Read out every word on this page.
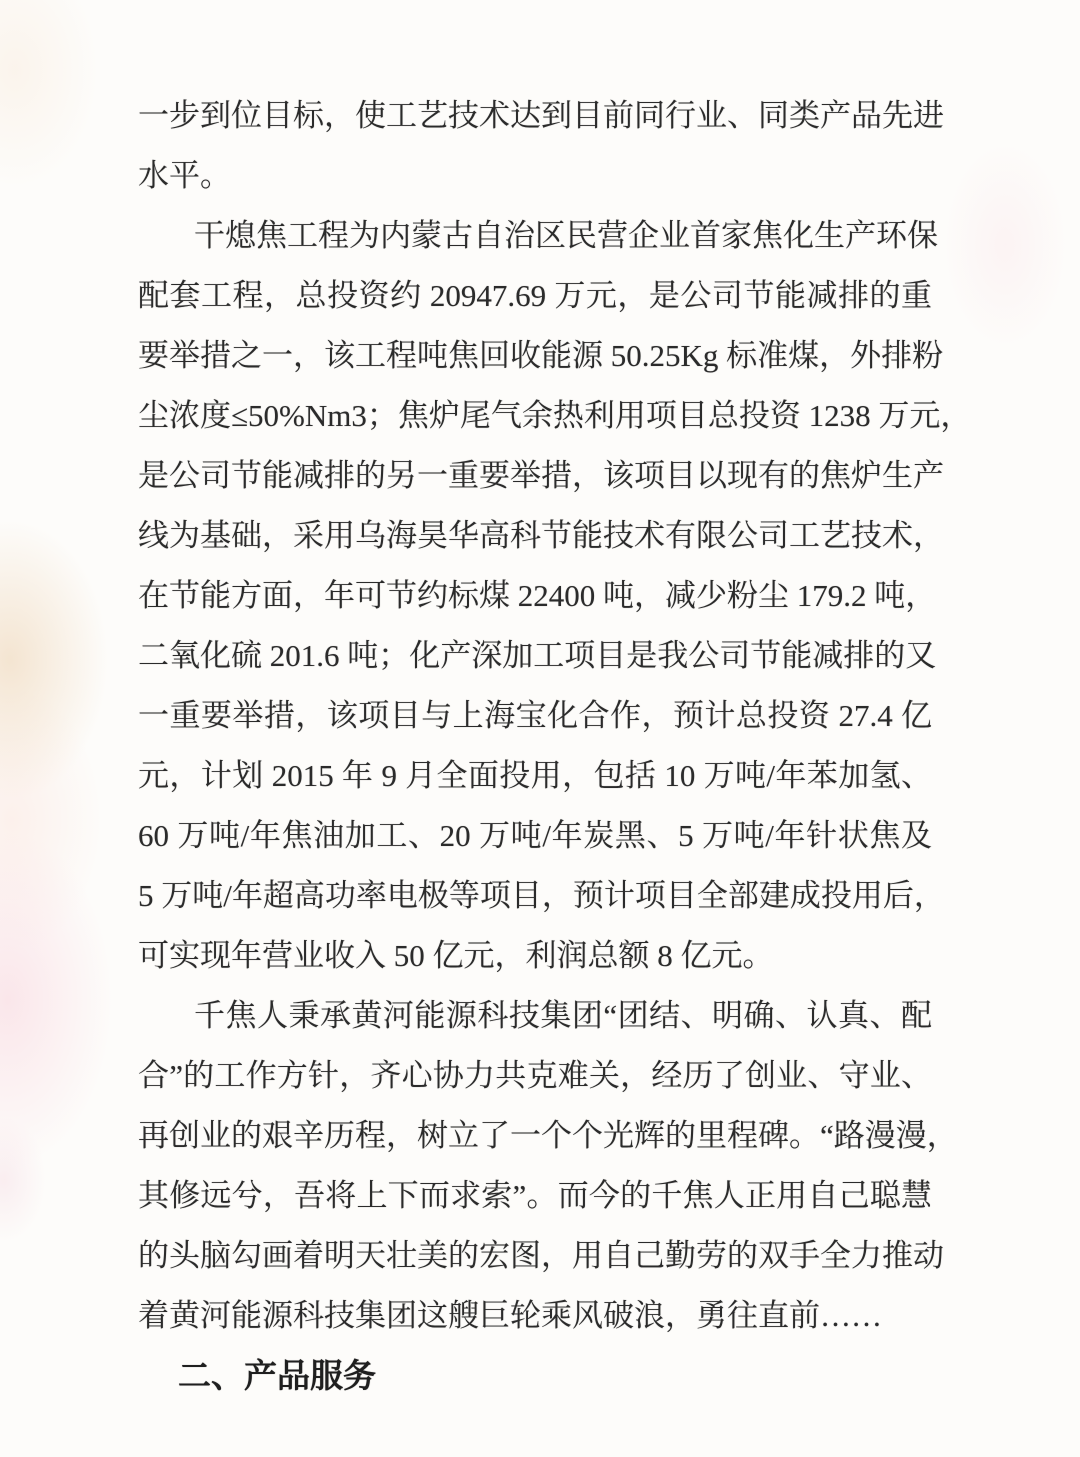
一步到位目标，使工艺技术达到目前同行业、同类产品先进
水平。
干熄焦工程为内蒙古自治区民营企业首家焦化生产环保
配套工程，总投资约 20947.69 万元，是公司节能减排的重
要举措之一，该工程吨焦回收能源 50.25Kg 标准煤，外排粉
尘浓度≤50%Nm3；焦炉尾气余热利用项目总投资 1238 万元，
是公司节能减排的另一重要举措，该项目以现有的焦炉生产
线为基础，采用乌海昊华高科节能技术有限公司工艺技术，
在节能方面，年可节约标煤 22400 吨，减少粉尘 179.2 吨，
二氧化硫 201.6 吨；化产深加工项目是我公司节能减排的又
一重要举措，该项目与上海宝化合作，预计总投资 27.4 亿
元，计划 2015 年 9 月全面投用，包括 10 万吨/年苯加氢、
60 万吨/年焦油加工、20 万吨/年炭黑、5 万吨/年针状焦及
5 万吨/年超高功率电极等项目，预计项目全部建成投用后，
可实现年营业收入 50 亿元，利润总额 8 亿元。
千焦人秉承黄河能源科技集团“团结、明确、认真、配
合”的工作方针，齐心协力共克难关，经历了创业、守业、
再创业的艰辛历程，树立了一个个光辉的里程碑。“路漫漫，
其修远兮，吾将上下而求索”。而今的千焦人正用自己聪慧
的头脑勾画着明天壮美的宏图，用自己勤劳的双手全力推动
着黄河能源科技集团这艘巨轮乘风破浪，勇往直前……
二、产品服务
